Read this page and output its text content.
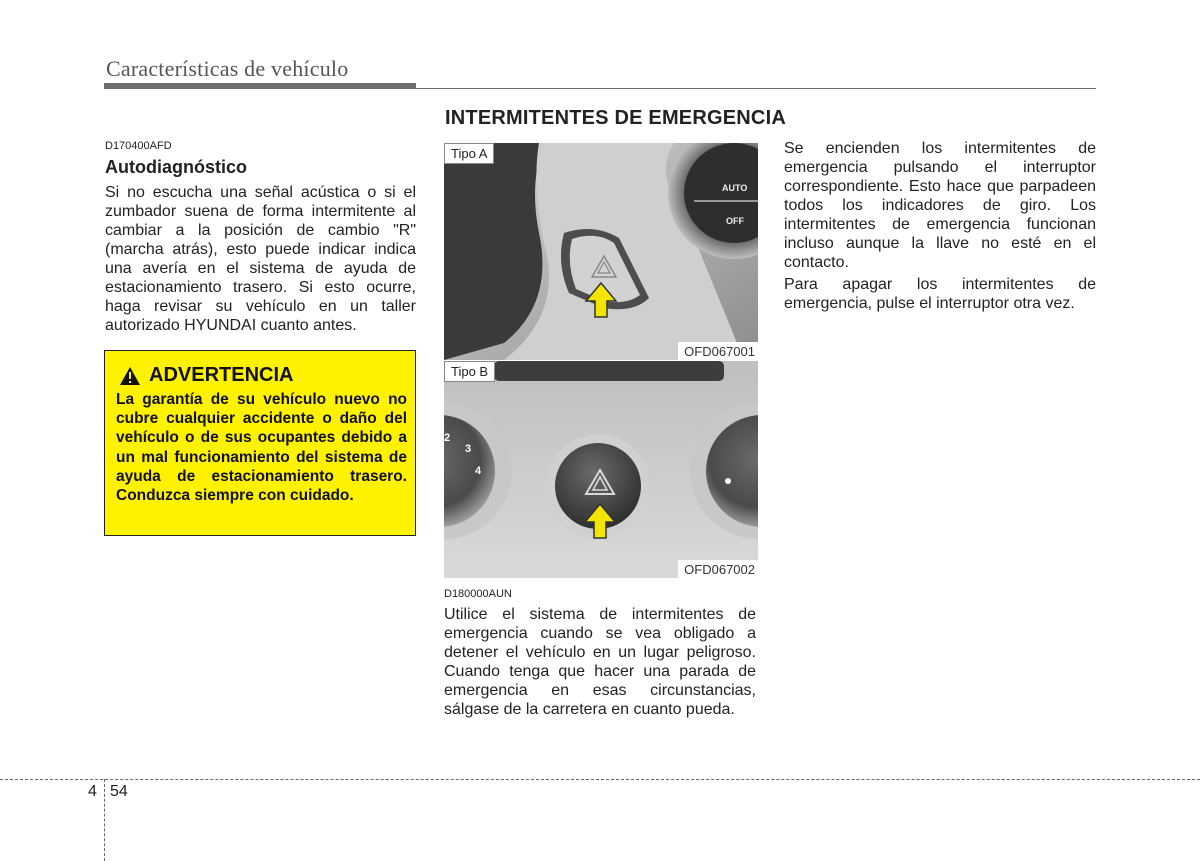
Características de vehículo
D170400AFD
Autodiagnóstico
Si no escucha una señal acústica o si el zumbador suena de forma intermitente al cambiar a la posición de cambio "R" (marcha atrás), esto puede indicar indica una avería en el sistema de ayuda de estacionamiento trasero. Si esto ocurre, haga revisar su vehículo en un taller autorizado HYUNDAI cuanto antes.
ADVERTENCIA
La garantía de su vehículo nuevo no cubre cualquier accidente o daño del vehículo o de sus ocupantes debido a un mal funcionamiento del sistema de ayuda de estacionamiento trasero. Conduzca siempre con cuidado.
INTERMITENTES DE EMERGENCIA
AUTO
OFF
Tipo A
OFD067001
2
3
4
Tipo B
OFD067002
D180000AUN
Utilice el sistema de intermitentes de emergencia cuando se vea obligado a detener el vehículo en un lugar peligroso. Cuando tenga que hacer una parada de emergencia en esas circunstancias, sálgase de la carretera en cuanto pueda.
Se encienden los intermitentes de emergencia pulsando el interruptor correspondiente. Esto hace que parpadeen todos los indicadores de giro. Los intermitentes de emergencia funcionan incluso aunque la llave no esté en el contacto.
Para apagar los intermitentes de emergencia, pulse el interruptor otra vez.
4 54
